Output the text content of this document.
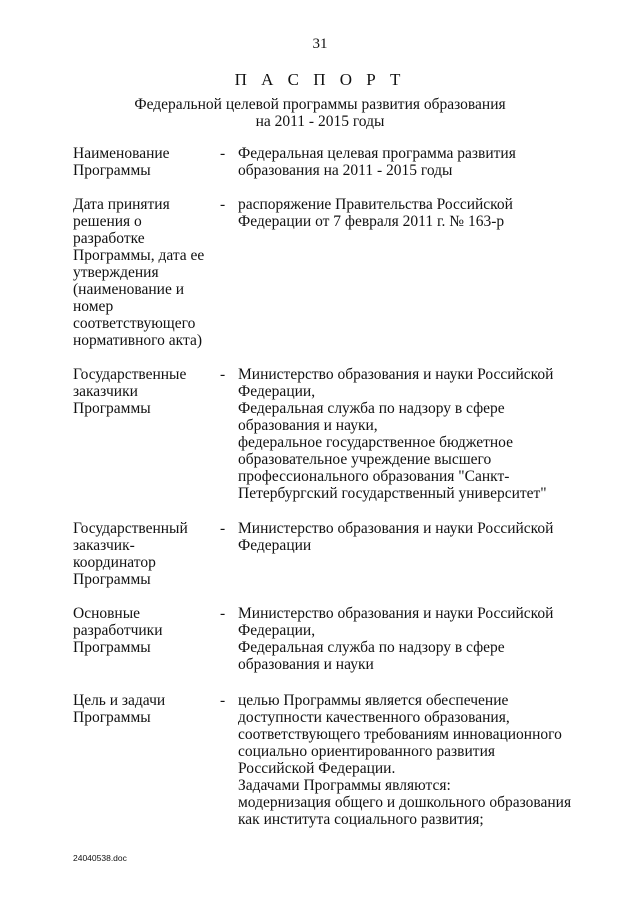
31
П А С П О Р Т
Федеральной целевой программы развития образования
на 2011 - 2015 годы
Наименование
Программы
- Федеральная целевая программа развития
образования на 2011 - 2015 годы
Дата принятия
решения о
разработке
Программы, дата ее
утверждения
(наименование и
номер
соответствующего
нормативного акта)
- распоряжение Правительства Российской
Федерации от 7 февраля 2011 г. № 163-р
Государственные
заказчики
Программы
- Министерство образования и науки Российской
Федерации,
Федеральная служба по надзору в сфере
образования и науки,
федеральное государственное бюджетное
образовательное учреждение высшего
профессионального образования "Санкт-
Петербургский государственный университет"
Государственный
заказчик-
координатор
Программы
- Министерство образования и науки Российской
Федерации
Основные
разработчики
Программы
- Министерство образования и науки Российской
Федерации,
Федеральная служба по надзору в сфере
образования и науки
Цель и задачи
Программы
- целью Программы является обеспечение
доступности качественного образования,
соответствующего требованиям инновационного
социально ориентированного развития
Российской Федерации.
Задачами Программы являются:
модернизация общего и дошкольного образования
как института социального развития;
24040538.doc
